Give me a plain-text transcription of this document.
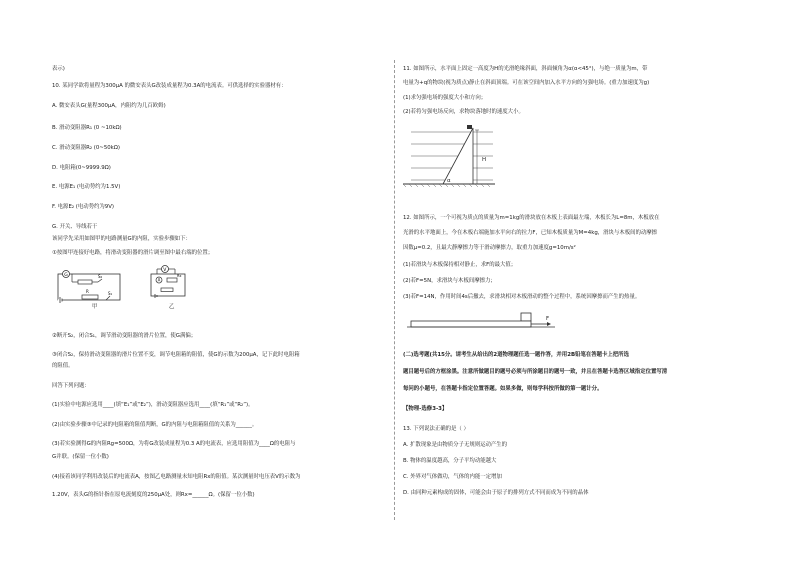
表示)
10. 某同学欲将量程为300μA 的微安表头G改装成量程为0.3A的电流表。可供选择的实验器材有：
A. 微安表头G(量程300μA，内阻约为几百欧姆)
B. 滑动变阻器R₁ (0 ~10kΩ)
C. 滑动变阻器R₂ (0~50kΩ)
D. 电阻箱(0~9999.9Ω)
E. 电源E₁ (电动势约为1.5V)
F. 电源E₂ (电动势约为9V)
G. 开关、导线若干
该同学先采用如图甲的电路测量G的内阻，实验步骤如下：
①按图甲连接好电路，将滑动变阻器的滑片调至图中最右端的位置；
G	S₂
R	S₁
甲
V
A
Rx
乙
②断开S₂，闭合S₁，调节滑动变阻器的滑片位置，使G满偏；
③闭合S₂，保持滑动变阻器的滑片位置不变，调节电阻箱的阻值，使G的示数为200μA，记下此时电阻箱
的阻值。
回答下列问题：
(1)实验中电源应选用____(填“E₁”或“E₂”)，滑动变阻器应选用____(填“R₁”或“R₂”)。
(2)由实验步骤③中记录的电阻箱的阻值判断，G的内阻与电阻箱阻值的关系为______。
(3)若实验测得G的内阻Rg=500Ω，为将G改装成量程为0.3 A的电流表，应选用阻值为____Ω的电阻与
G并联。(保留一位小数)
(4)接着该同学利用改装后的电流表A，按图乙电路测量未知电阻Rx的阻值。某次测量时电压表V的示数为
1.20V，表头G的指针指在原电流刻度的250μA处，则Rx=______Ω。(保留一位小数)
11. 如图所示，水平面上固定一高度为H的光滑绝缘斜面，斜面倾角为α(α<45°)，与绝一质量为m，带
电量为+q的物块(视为质点)静止在斜面顶端。可在该空间内加入水平方向的匀强电场。(重力加速度为g)
(1)求匀强电场的强度大小和方向；
(2)若将匀强电场反向，求物块落地时的速度大小。
H
α
12. 如图所示，一个可视为质点的质量为m=1kg的滑块放在木板上表面最左端，木板长为L=8m，木板放在
光滑的水平地面上，今在木板右端施加水平向右的拉力F，已知木板质量为M=4kg，滑块与木板间的动摩擦
因数μ=0.2，且最大静摩擦力等于滑动摩擦力，取重力加速度g=10m/s²
(1)若滑块与木板保持相对静止，求F的最大值；
(2)若F=5N，求滑块与木板间摩擦力；
(3)若F=14N，作用时间4s后撤去，求滑块相对木板滑动的整个过程中，系统因摩擦而产生的热量。
F
(二)选考题(共15分。请考生从给出的2道物理题任选一题作答，并用2B铅笔在答题卡上把所选
题目题号后的方框涂黑。注意所做题目的题号必须与所涂题目的题号一致，并且在答题卡选答区域指定位置写清
每问的小题号，在答题卡指定位置答题。如果多做，则每学科按所做的第一题计分。
【物理-选修3-3】
13. 下列说法正确的是（ ）
A. 扩散现象是由物质分子无规则运动产生的
B. 物体的温度越高，分子平均动能越大
C. 外界对气体做功，气体的内能一定增加
D. 由同种元素构成的固体，可能会由于原子的排列方式不同而成为不同的晶体
